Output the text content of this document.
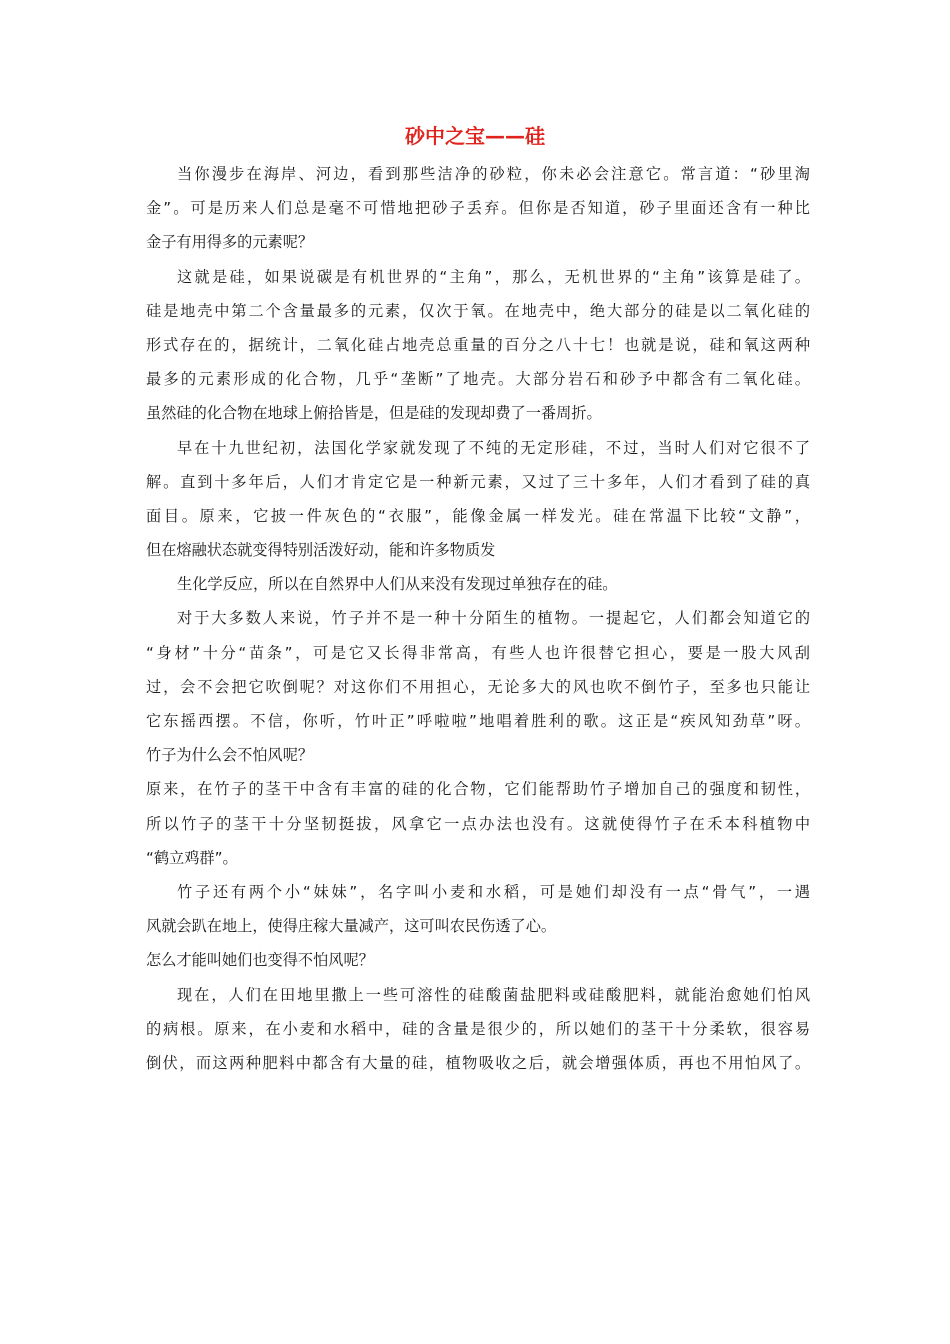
砂中之宝——硅
当你漫步在海岸、河边，看到那些洁净的砂粒，你未必会注意它。常言道：“砂里淘
金”。可是历来人们总是毫不可惜地把砂子丢弃。但你是否知道，砂子里面还含有一种比
金子有用得多的元素呢？
这就是硅，如果说碳是有机世界的“主角”，那么，无机世界的“主角”该算是硅了。
硅是地壳中第二个含量最多的元素，仅次于氧。在地壳中，绝大部分的硅是以二氧化硅的
形式存在的，据统计，二氧化硅占地壳总重量的百分之八十七！也就是说，硅和氧这两种
最多的元素形成的化合物，几乎“垄断”了地壳。大部分岩石和砂予中都含有二氧化硅。
虽然硅的化合物在地球上俯拾皆是，但是硅的发现却费了一番周折。
早在十九世纪初，法国化学家就发现了不纯的无定形硅，不过，当时人们对它很不了
解。直到十多年后，人们才肯定它是一种新元素，又过了三十多年，人们才看到了硅的真
面目。原来，它披一件灰色的“衣服”，能像金属一样发光。硅在常温下比较“文静”，
但在熔融状态就变得特别活泼好动，能和许多物质发
生化学反应，所以在自然界中人们从来没有发现过单独存在的硅。
对于大多数人来说，竹子并不是一种十分陌生的植物。一提起它，人们都会知道它的
“身材”十分“苗条”，可是它又长得非常高，有些人也许很替它担心，要是一股大风刮
过，会不会把它吹倒呢？对这你们不用担心，无论多大的风也吹不倒竹子，至多也只能让
它东摇西摆。不信，你听，竹叶正”呼啦啦”地唱着胜利的歌。这正是“疾风知劲草”呀。
竹子为什么会不怕风呢？
原来，在竹子的茎干中含有丰富的硅的化合物，它们能帮助竹子增加自己的强度和韧性，
所以竹子的茎干十分坚韧挺拔，风拿它一点办法也没有。这就使得竹子在禾本科植物中
“鹤立鸡群”。
竹子还有两个小“妹妹”，名字叫小麦和水稻，可是她们却没有一点“骨气”，一遇
风就会趴在地上，使得庄稼大量减产，这可叫农民伤透了心。
怎么才能叫她们也变得不怕风呢？
现在，人们在田地里撒上一些可溶性的硅酸菌盐肥料或硅酸肥料，就能治愈她们怕风
的病根。原来，在小麦和水稻中，硅的含量是很少的，所以她们的茎干十分柔软，很容易
倒伏，而这两种肥料中都含有大量的硅，植物吸收之后，就会增强体质，再也不用怕风了。
